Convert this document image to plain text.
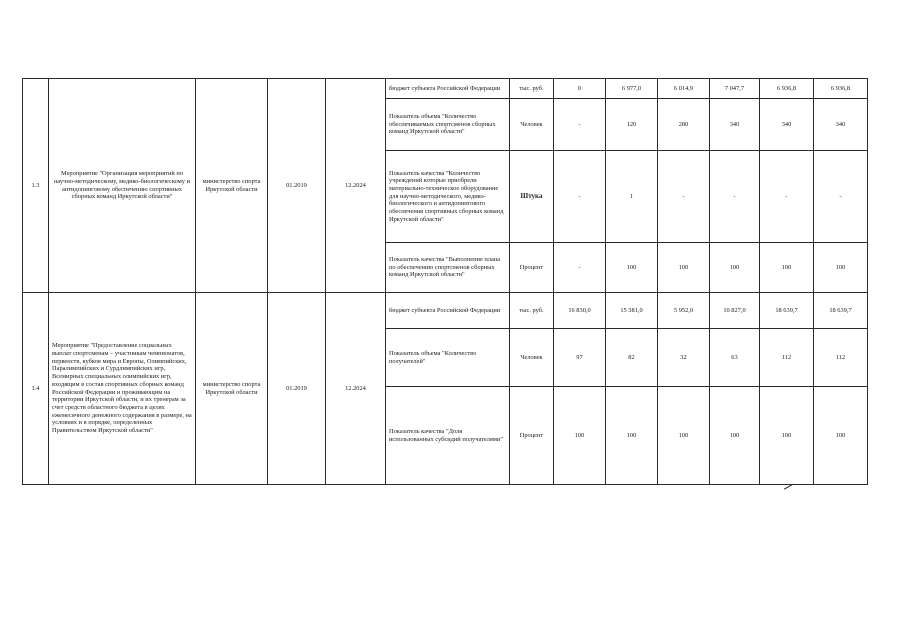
1.3	Мероприятие "Организация мероприятий по научно-методическому, медико-биологическому и антидопинговому обеспечению спортивных сборных команд Иркутской области"	министерство спорта Иркутской области	01.2019	12.2024	бюджет субъекта Российской Федерации	тыс. руб.	0	6 977,0	6 014,9	7 047,7	6 936,8	6 936,8
					Показатель объема "Количество обеспечиваемых спортсменов сборных команд Иркутской области"	Человек	-	120	280	340	340	340
					Показатель качества "Количество учреждений которые приобрели материально-техническое оборудование для научно-методического, медико-биологического и антидопингового обеспечения спортивных сборных команд Иркутской области"	Штука	-	1	-	-	-	-
					Показатель качества "Выполнение плана по обеспечению спортсменов сборных команд Иркутской области"	Процент	-	100	100	100	100	100
1.4	Мероприятие "Предоставление социальных выплат спортсменам – участникам чемпионатов, первенств, кубков мира и Европы, Олимпийских, Паралимпийских и Сурдлимпийских игр, Всемирных специальных олимпийских игр, входящим в состав спортивных сборных команд Российской Федерации и проживающим на территории Иркутской области, и их тренерам за счет средств областного бюджета в целях ежемесячного денежного содержания в размере, на условиях и в порядке, определенных Правительством Иркутской области"	министерство спорта Иркутской области	01.2019	12.2024	бюджет субъекта Российской Федерации	тыс. руб.	16 830,0	15 381,0	5 952,0	10 827,0	18 639,7	18 639,7
					Показатель объема "Количество получателей"	Человек	97	82	32	63	112	112
					Показатель качества "Доля использованных субсидий получателями"	Процент	100	100	100	100	100	100
